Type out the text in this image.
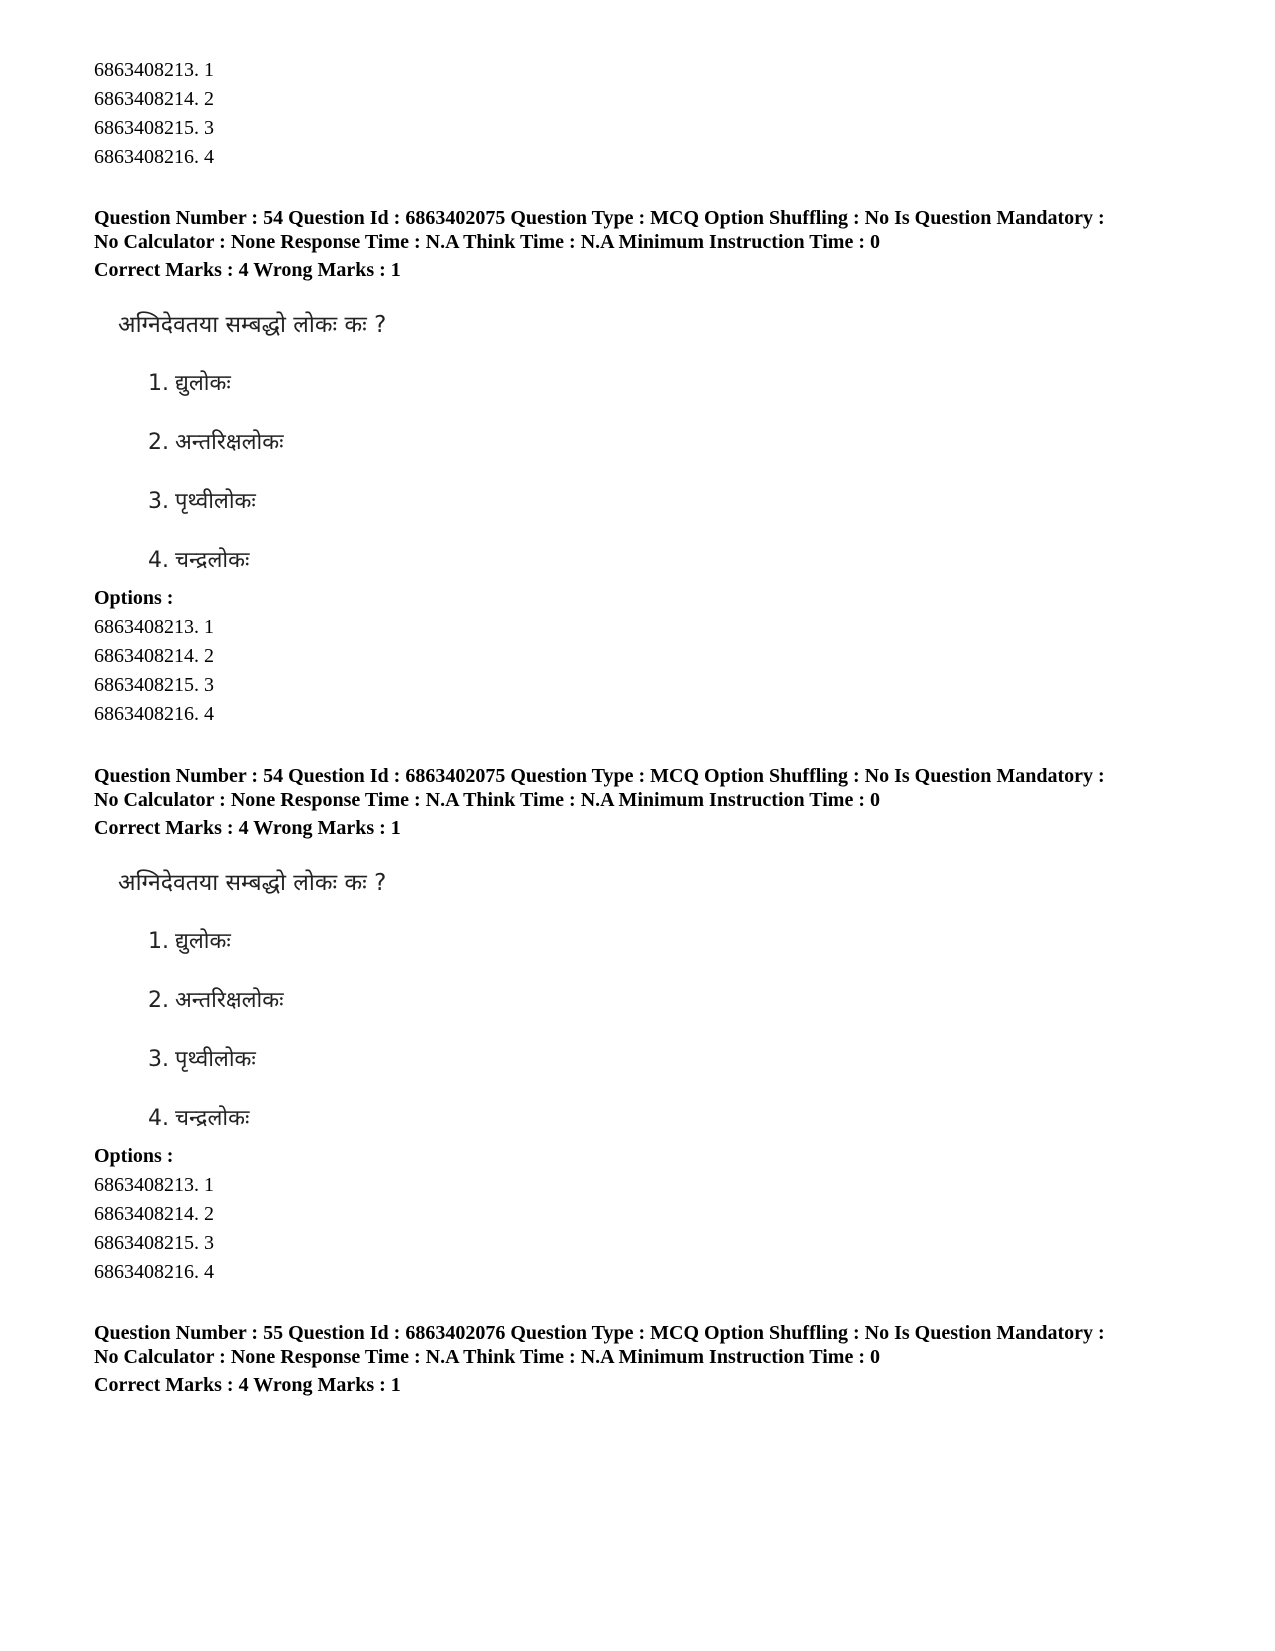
6863408213. 1
6863408214. 2
6863408215. 3
6863408216. 4
Question Number : 54 Question Id : 6863402075 Question Type : MCQ Option Shuffling : No Is Question Mandatory :
No Calculator : None Response Time : N.A Think Time : N.A Minimum Instruction Time : 0
Correct Marks : 4 Wrong Marks : 1
अग्निदेवतया सम्बद्धो लोकः कः ?
1. द्युलोकः
2. अन्तरिक्षलोकः
3. पृथ्वीलोकः
4. चन्द्रलोकः
Options :
6863408213. 1
6863408214. 2
6863408215. 3
6863408216. 4
Question Number : 54 Question Id : 6863402075 Question Type : MCQ Option Shuffling : No Is Question Mandatory :
No Calculator : None Response Time : N.A Think Time : N.A Minimum Instruction Time : 0
Correct Marks : 4 Wrong Marks : 1
अग्निदेवतया सम्बद्धो लोकः कः ?
1. द्युलोकः
2. अन्तरिक्षलोकः
3. पृथ्वीलोकः
4. चन्द्रलोकः
Options :
6863408213. 1
6863408214. 2
6863408215. 3
6863408216. 4
Question Number : 55 Question Id : 6863402076 Question Type : MCQ Option Shuffling : No Is Question Mandatory :
No Calculator : None Response Time : N.A Think Time : N.A Minimum Instruction Time : 0
Correct Marks : 4 Wrong Marks : 1
